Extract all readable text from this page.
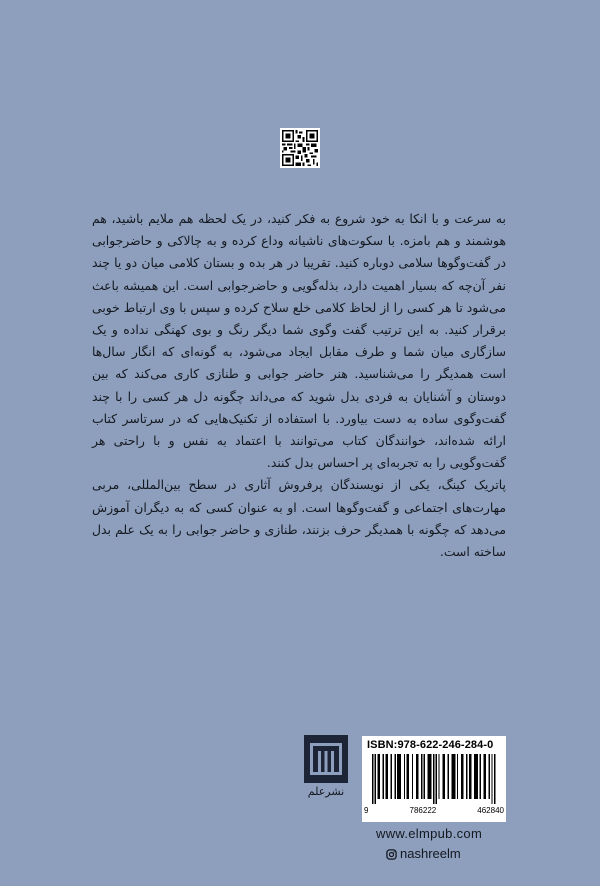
به سرعت و با انکا به خود شروع به فکر کنید، در یک لحظه هم ملایم باشید، هم هوشمند و هم بامزه. با سکوت‌های ناشیانه وداع کرده و به چالاکی و حاضرجوابی در گفت‌وگوها سلامی دوباره کنید. تقریبا در هر بده و بستان کلامی میان دو یا چند نفر آن‌چه که بسیار اهمیت دارد، بذله‌گویی و حاضرجوابی است. این همیشه باعث می‌شود تا هر کسی را از لحاظ کلامی خلع سلاح کرده و سپس با وی ارتباط خوبی برقرار کنید. به این ترتیب گفت وگوی شما دیگر رنگ و بوی کهنگی نداده و یک سازگاری میان شما و طرف مقابل ایجاد می‌شود، به گونه‌ای که انگار سال‌ها است همدیگر را می‌شناسید. هنر حاضر جوابی و طنازی کاری می‌کند که بین دوستان و آشنایان به فردی بدل شوید که می‌داند چگونه دل هر کسی را با چند گفت‌وگوی ساده به دست بیاورد. با استفاده از تکنیک‌هایی که در سرتاسر کتاب ارائه شده‌اند، خوانندگان کتاب می‌توانند با اعتماد به نفس و با راحتی هر گفت‌وگویی را به تجربه‌ای پر احساس بدل کنند.

پاتریک کینگ، یکی از نویسندگان پرفروش آثاری در سطح بین‌المللی، مربی مهارت‌های اجتماعی و گفت‌وگوها است. او به عنوان کسی که به دیگران آموزش می‌دهد که چگونه با همدیگر حرف بزنند، طنازی و حاضر جوابی را به یک علم بدل ساخته است.

نشرعلم
ISBN:978-622-246-284-0
9	786222	462840
www.elmpub.com
nashreelm
